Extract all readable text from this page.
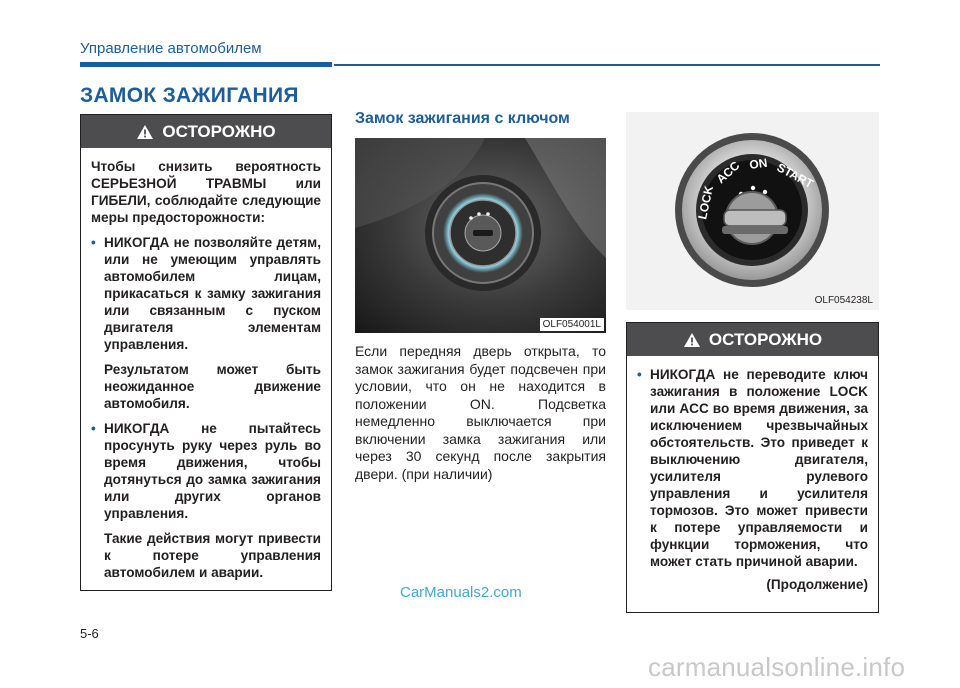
Управление автомобилем
ЗАМОК ЗАЖИГАНИЯ
ОСТОРОЖНО

Чтобы снизить вероятность СЕРЬЕЗНОЙ ТРАВМЫ или ГИБЕЛИ, соблюдайте следующие меры предосторожности:

• НИКОГДА не позволяйте детям, или не умеющим управлять автомобилем лицам, прикасаться к замку зажигания или связанным с пуском двигателя элементам управления.

Результатом может быть неожиданное движение автомобиля.

• НИКОГДА не пытайтесь просунуть руку через руль во время движения, чтобы дотянуться до замка зажигания или других органов управления.

Такие действия могут привести к потере управления автомобилем и аварии.

Замок зажигания с ключом
OLF054001L
Если передняя дверь открыта, то замок зажигания будет подсвечен при условии, что он не находится в положении ON. Подсветка немедленно выключается при включении замка зажигания или через 30 секунд после закрытия двери. (при наличии)
LOCK
ACC ON START
OLF054238L
ОСТОРОЖНО
• НИКОГДА не переводите ключ зажигания в положение LOCK или ACC во время движения, за исключением чрезвычайных обстоятельств. Это приведет к выключению двигателя, усилителя рулевого управления и усилителя тормозов. Это может привести к потере управляемости и функции торможения, что может стать причиной аварии.

(Продолжение)

CarManuals2.com
5-6
carmanualsonline.info
